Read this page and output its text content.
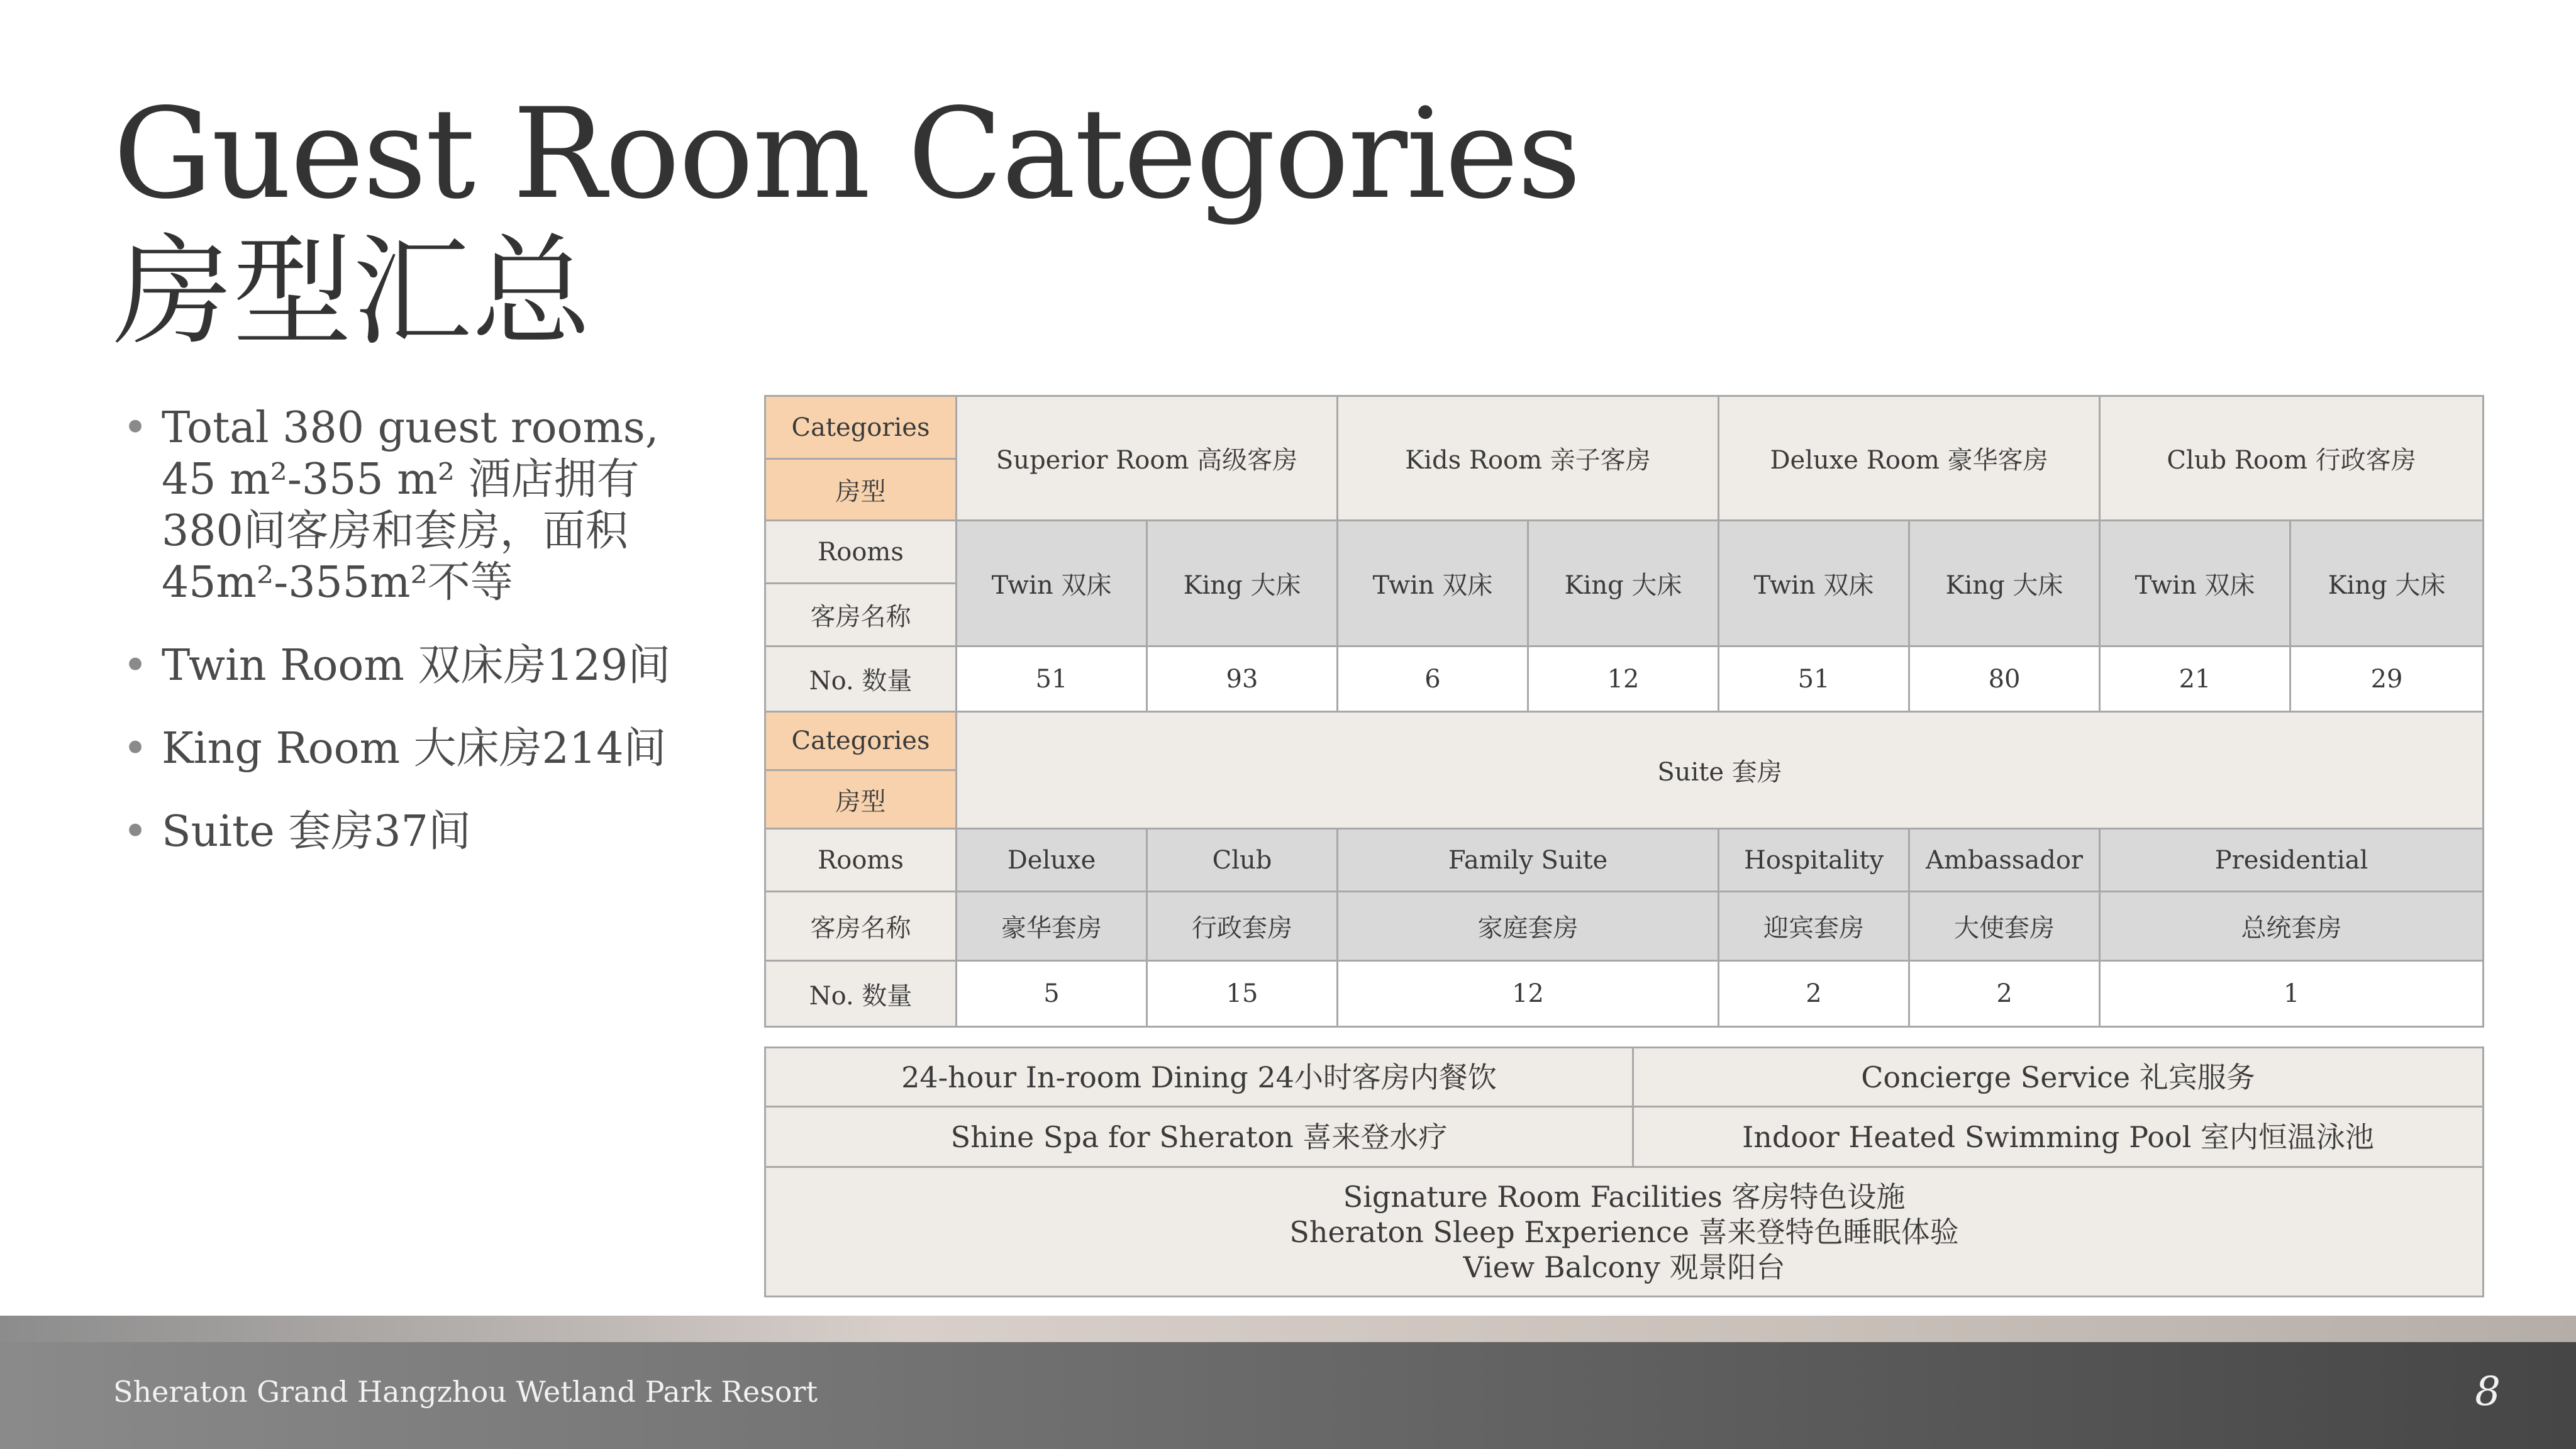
Guest Room Categories
房型汇总
• Total 380 guest rooms, 45 m²-355 m² 酒店拥有380间客房和套房，面积45m²-355m²不等
• Twin Room 双床房129间
• King Room 大床房214间
• Suite 套房37间
Categories	Superior Room 高级客房		Kids Room 亲子客房		Deluxe Room 豪华客房		Club Room 行政客房	
房型								
Rooms	Twin 双床	King 大床	Twin 双床	King 大床	Twin 双床	King 大床	Twin 双床	King 大床
客房名称								
No. 数量	51	93	6	12	51	80	21	29
Categories	Suite 套房							
房型								
Rooms	Deluxe	Club	Family Suite		Hospitality	Ambassador	Presidential	
客房名称	豪华套房	行政套房	家庭套房		迎宾套房	大使套房	总统套房	
No. 数量	5	15	12		2	2	1	
24-hour In-room Dining 24小时客房内餐饮	Concierge Service 礼宾服务
Shine Spa for Sheraton 喜来登水疗	Indoor Heated Swimming Pool 室内恒温泳池

Signature Room Facilities 客房特色设施
Sheraton Sleep Experience 喜来登特色睡眠体验
View Balcony 观景阳台	
Sheraton Grand Hangzhou Wetland Park Resort	8
